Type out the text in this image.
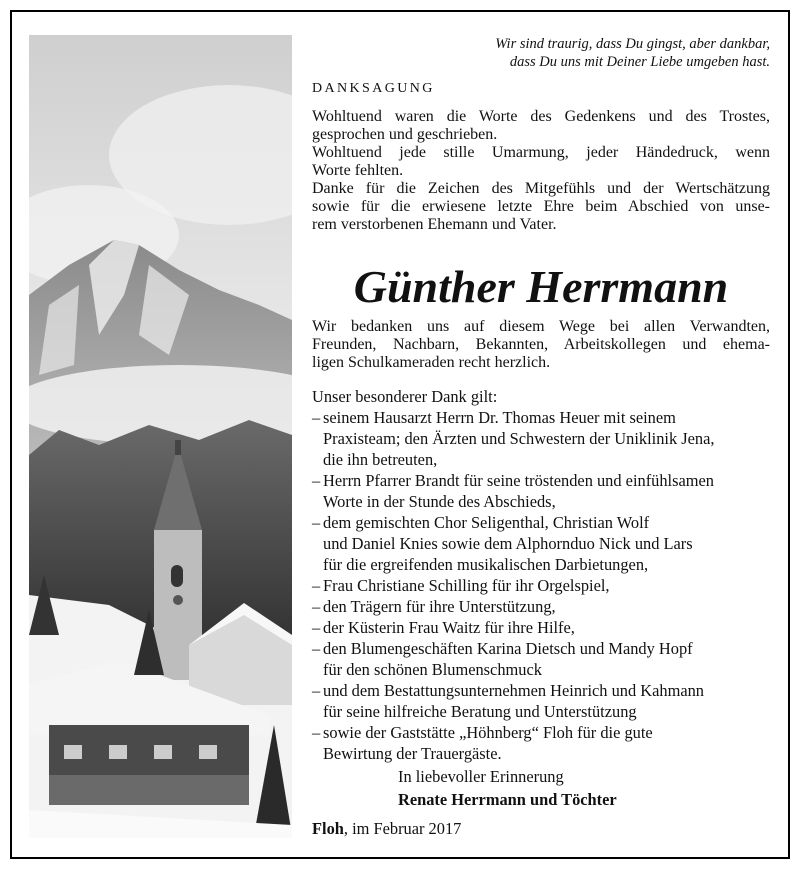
Wir sind traurig, dass Du gingst, aber dankbar,
dass Du uns mit Deiner Liebe umgeben hast.
DANKSAGUNG
Wohltuend waren die Worte des Gedenkens und des Trostes,
gesprochen und geschrieben.
Wohltuend jede stille Umarmung, jeder Händedruck, wenn
Worte fehlten.
Danke für die Zeichen des Mitgefühls und der Wertschätzung
sowie für die erwiesene letzte Ehre beim Abschied von unse-
rem verstorbenen Ehemann und Vater.
Günther Herrmann
Wir bedanken uns auf diesem Wege bei allen Verwandten,
Freunden, Nachbarn, Bekannten, Arbeitskollegen und ehema-
ligen Schulkameraden recht herzlich.
Unser besonderer Dank gilt:
– seinem Hausarzt Herrn Dr. Thomas Heuer mit seinem
Praxisteam; den Ärzten und Schwestern der Uniklinik Jena,
die ihn betreuten,
– Herrn Pfarrer Brandt für seine tröstenden und einfühlsamen
Worte in der Stunde des Abschieds,
– dem gemischten Chor Seligenthal, Christian Wolf
und Daniel Knies sowie dem Alphornduo Nick und Lars
für die ergreifenden musikalischen Darbietungen,
– Frau Christiane Schilling für ihr Orgelspiel,
– den Trägern für ihre Unterstützung,
– der Küsterin Frau Waitz für ihre Hilfe,
– den Blumengeschäften Karina Dietsch und Mandy Hopf
für den schönen Blumenschmuck
– und dem Bestattungsunternehmen Heinrich und Kahmann
für seine hilfreiche Beratung und Unterstützung
– sowie der Gaststätte „Höhnberg“ Floh für die gute
Bewirtung der Trauergäste.
In liebevoller Erinnerung
Renate Herrmann und Töchter
Floh, im Februar 2017
